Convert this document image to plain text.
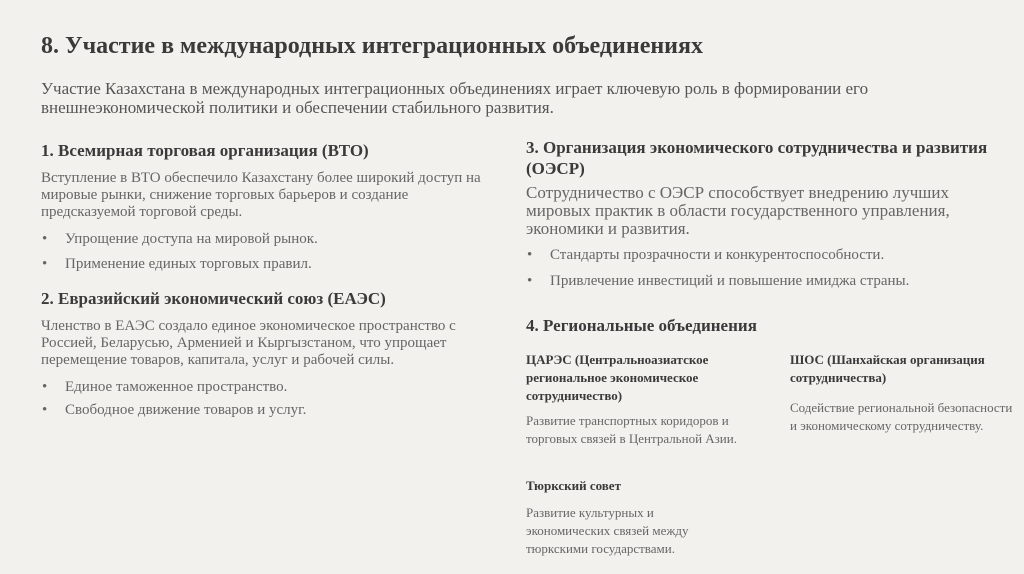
8. Участие в международных интеграционных объединениях

Участие Казахстана в международных интеграционных объединениях играет ключевую роль в формировании его внешнеэкономической политики и обеспечении стабильного развития.

1. Всемирная торговая организация (ВТО)

Вступление в ВТО обеспечило Казахстану более широкий доступ на мировые рынки, снижение торговых барьеров и создание предсказуемой торговой среды.

• Упрощение доступа на мировой рынок.
• Применение единых торговых правил.
2. Евразийский экономический союз (ЕАЭС)

Членство в ЕАЭС создало единое экономическое пространство с Россией, Беларусью, Арменией и Кыргызстаном, что упрощает перемещение товаров, капитала, услуг и рабочей силы.

• Единое таможенное пространство.
• Свободное движение товаров и услуг.
3. Организация экономического сотрудничества и развития (ОЭСР)

Сотрудничество с ОЭСР способствует внедрению лучших мировых практик в области государственного управления, экономики и развития.

• Стандарты прозрачности и конкурентоспособности.
• Привлечение инвестиций и повышение имиджа страны.
4. Региональные объединения

ЦАРЭС (Центральноазиатское региональное экономическое сотрудничество)

Развитие транспортных коридоров и торговых связей в Центральной Азии.

ШОС (Шанхайская организация сотрудничества)

Содействие региональной безопасности и экономическому сотрудничеству.

Тюркский совет

Развитие культурных и экономических связей между тюркскими государствами.
